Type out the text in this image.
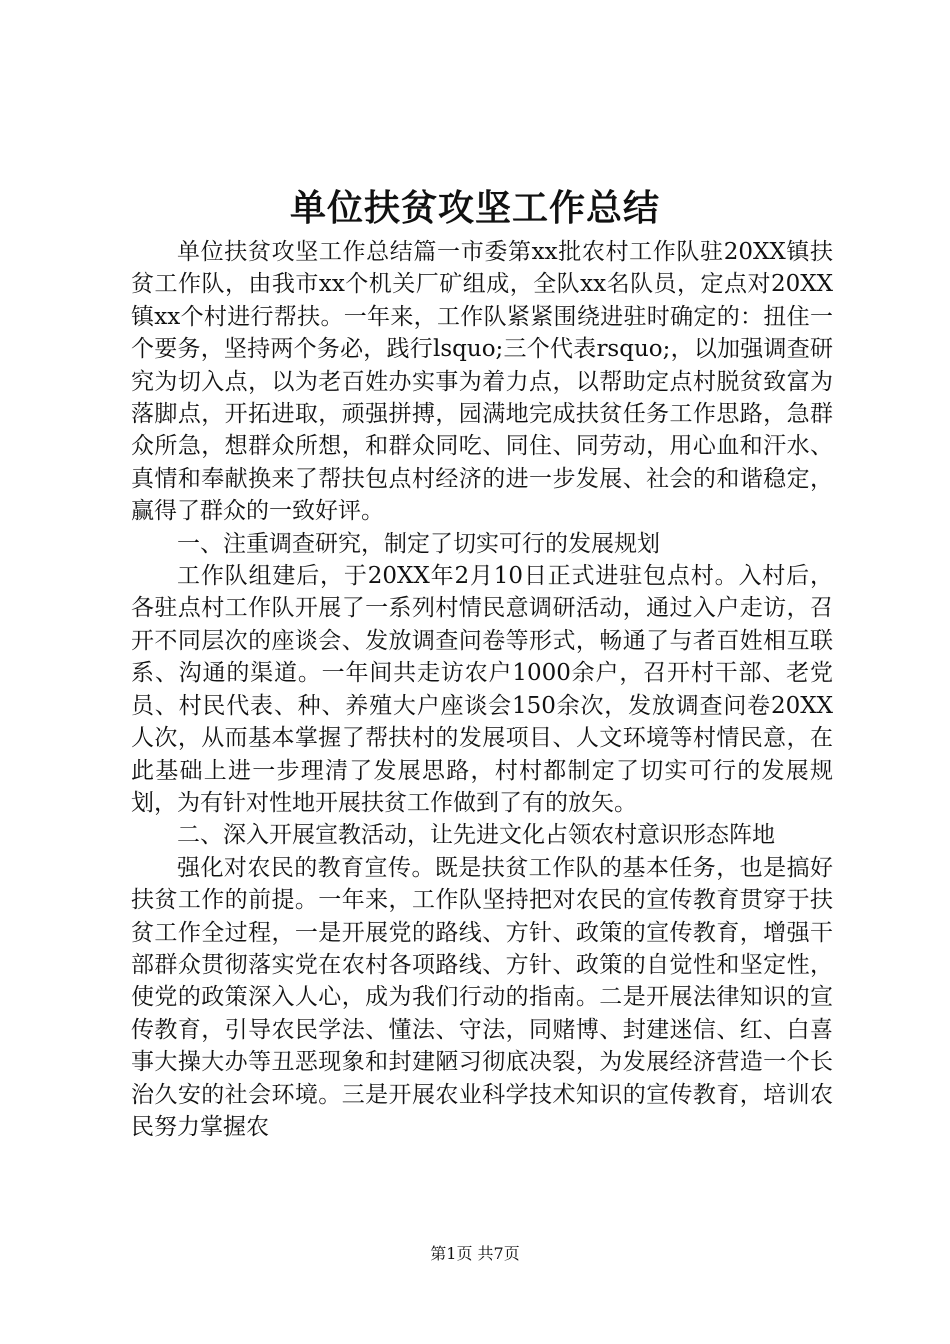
单位扶贫攻坚工作总结

单位扶贫攻坚工作总结篇一市委第xx批农村工作队驻20XX镇扶贫工作队，由我市xx个机关厂矿组成，全队xx名队员，定点对20XX镇xx个村进行帮扶。一年来，工作队紧紧围绕进驻时确定的：扭住一个要务，坚持两个务必，践行lsquo;三个代表rsquo;，以加强调查研究为切入点，以为老百姓办实事为着力点，以帮助定点村脱贫致富为落脚点，开拓进取，顽强拼搏，园满地完成扶贫任务工作思路，急群众所急，想群众所想，和群众同吃、同住、同劳动，用心血和汗水、真情和奉献换来了帮扶包点村经济的进一步发展、社会的和谐稳定，赢得了群众的一致好评。

一、注重调查研究，制定了切实可行的发展规划

工作队组建后，于20XX年2月10日正式进驻包点村。入村后，各驻点村工作队开展了一系列村情民意调研活动，通过入户走访，召开不同层次的座谈会、发放调查问卷等形式，畅通了与者百姓相互联系、沟通的渠道。一年间共走访农户1000余户，召开村干部、老党员、村民代表、种、养殖大户座谈会150余次，发放调查问卷20XX人次，从而基本掌握了帮扶村的发展项目、人文环境等村情民意，在此基础上进一步理清了发展思路，村村都制定了切实可行的发展规划，为有针对性地开展扶贫工作做到了有的放矢。

二、深入开展宣教活动，让先进文化占领农村意识形态阵地

强化对农民的教育宣传。既是扶贫工作队的基本任务，也是搞好扶贫工作的前提。一年来，工作队坚持把对农民的宣传教育贯穿于扶贫工作全过程，一是开展党的路线、方针、政策的宣传教育，增强干部群众贯彻落实党在农村各项路线、方针、政策的自觉性和坚定性，使党的政策深入人心，成为我们行动的指南。二是开展法律知识的宣传教育，引导农民学法、懂法、守法，同赌博、封建迷信、红、白喜事大操大办等丑恶现象和封建陋习彻底决裂，为发展经济营造一个长治久安的社会环境。三是开展农业科学技术知识的宣传教育，培训农民努力掌握农

第1页 共7页
